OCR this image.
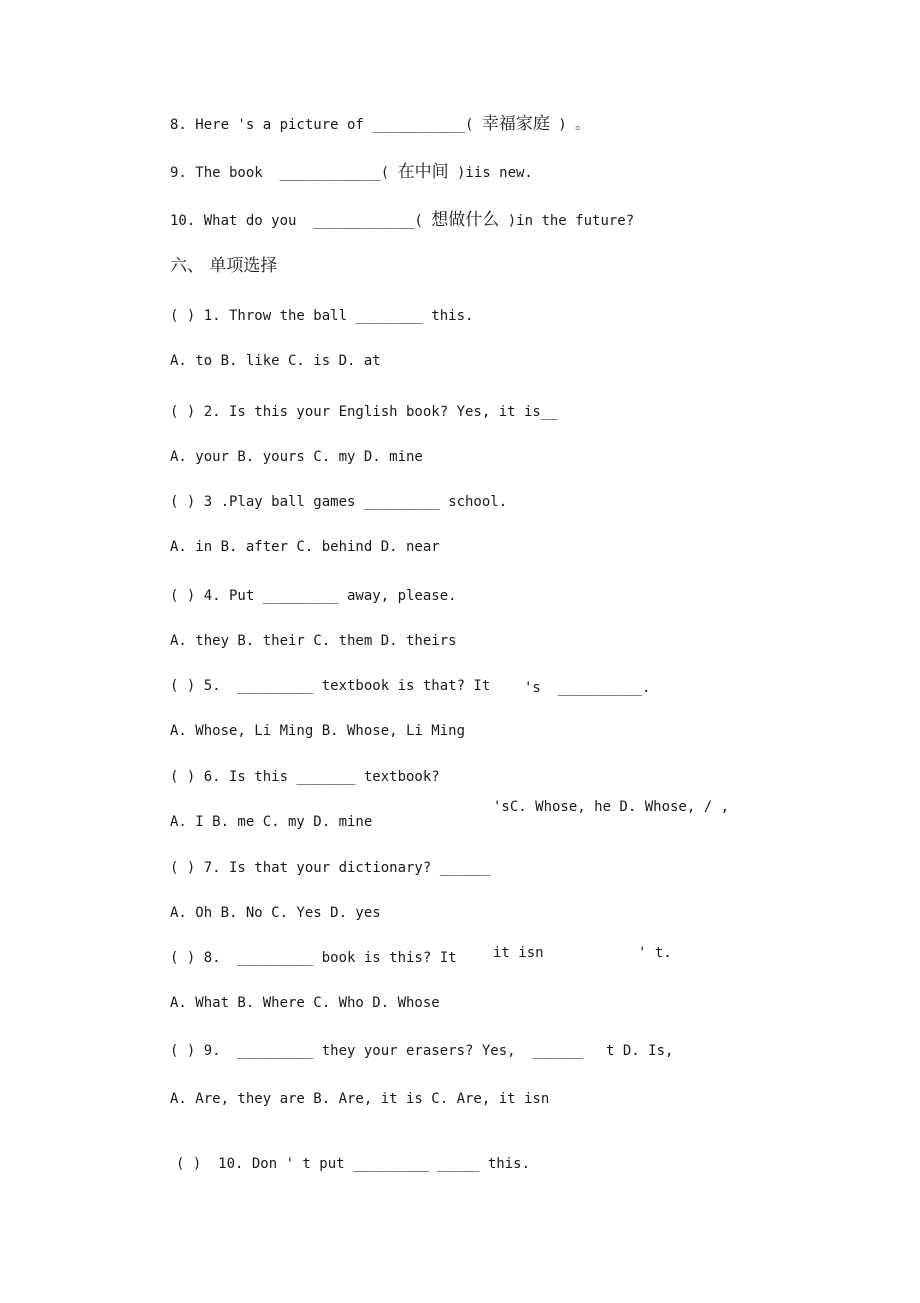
8. Here 's a picture of ___________( 幸福家庭 ) 。
9. The book  ____________( 在中间 )iis new.
10. What do you  ____________( 想做什么 )in the future?
六、 单项选择
( ) 1. Throw the ball ________ this.
A. to B. like C. is D. at
( ) 2. Is this your English book? Yes, it is__
A. your B. yours C. my D. mine
( ) 3 .Play ball games _________ school.
A. in B. after C. behind D. near
( ) 4. Put _________ away, please.
A. they B. their C. them D. theirs
( ) 5.  _________ textbook is that? It 's  __________.
A. Whose, Li Ming B. Whose, Li Ming
( ) 6. Is this _______ textbook?
'sC. Whose, he D. Whose, / ,
A. I B. me C. my D. mine
( ) 7. Is that your dictionary? ______
A. Oh B. No C. Yes D. yes
( ) 8.  _________ book is this? It	it isn	' t.
A. What B. Where C. Who D. Whose
( ) 9.  _________ they your erasers? Yes,  ______ t D. Is,
A. Are, they are B. Are, it is C. Are, it isn
( )  10. Don ' t put _________ _____ this.
